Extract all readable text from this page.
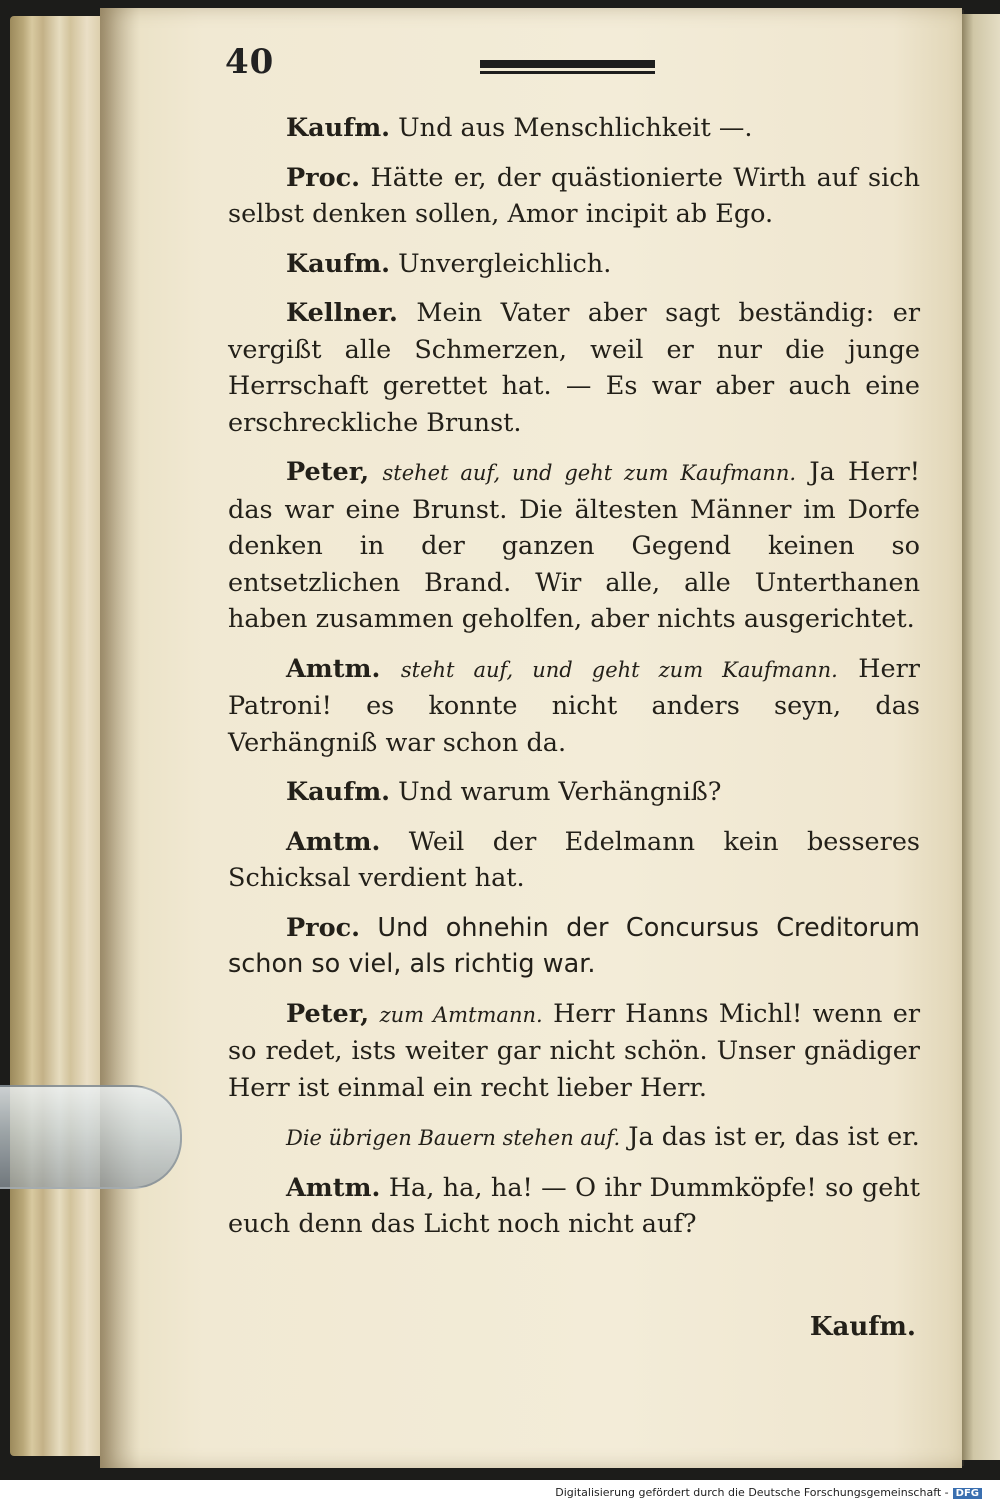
40

Kaufm. Und aus Menschlichkeit —.

Proc. Hätte er, der quästionierte Wirth auf sich selbst denken sollen, Amor incipit ab Ego.

Kaufm. Unvergleichlich.

Kellner. Mein Vater aber sagt beständig: er vergißt alle Schmerzen, weil er nur die junge Herrschaft gerettet hat. — Es war aber auch eine erschreckliche Brunst.

Peter, stehet auf, und geht zum Kaufmann. Ja Herr! das war eine Brunst. Die ältesten Männer im Dorfe denken in der ganzen Gegend keinen so entsetzlichen Brand. Wir alle, alle Unterthanen haben zusammen geholfen, aber nichts ausgerichtet.

Amtm. steht auf, und geht zum Kaufmann. Herr Patroni! es konnte nicht anders seyn, das Verhängniß war schon da.

Kaufm. Und warum Verhängniß?

Amtm. Weil der Edelmann kein besseres Schicksal verdient hat.

Proc. Und ohnehin der Concursus Creditorum schon so viel, als richtig war.

Peter, zum Amtmann. Herr Hanns Michl! wenn er so redet, ists weiter gar nicht schön. Unser gnädiger Herr ist einmal ein recht lieber Herr.

Die übrigen Bauern stehen auf. Ja das ist er, das ist er.

Amtm. Ha, ha, ha! — O ihr Dummköpfe! so geht euch denn das Licht noch nicht auf?

Kaufm.
Digitalisierung gefördert durch die Deutsche Forschungsgemeinschaft - DFG
